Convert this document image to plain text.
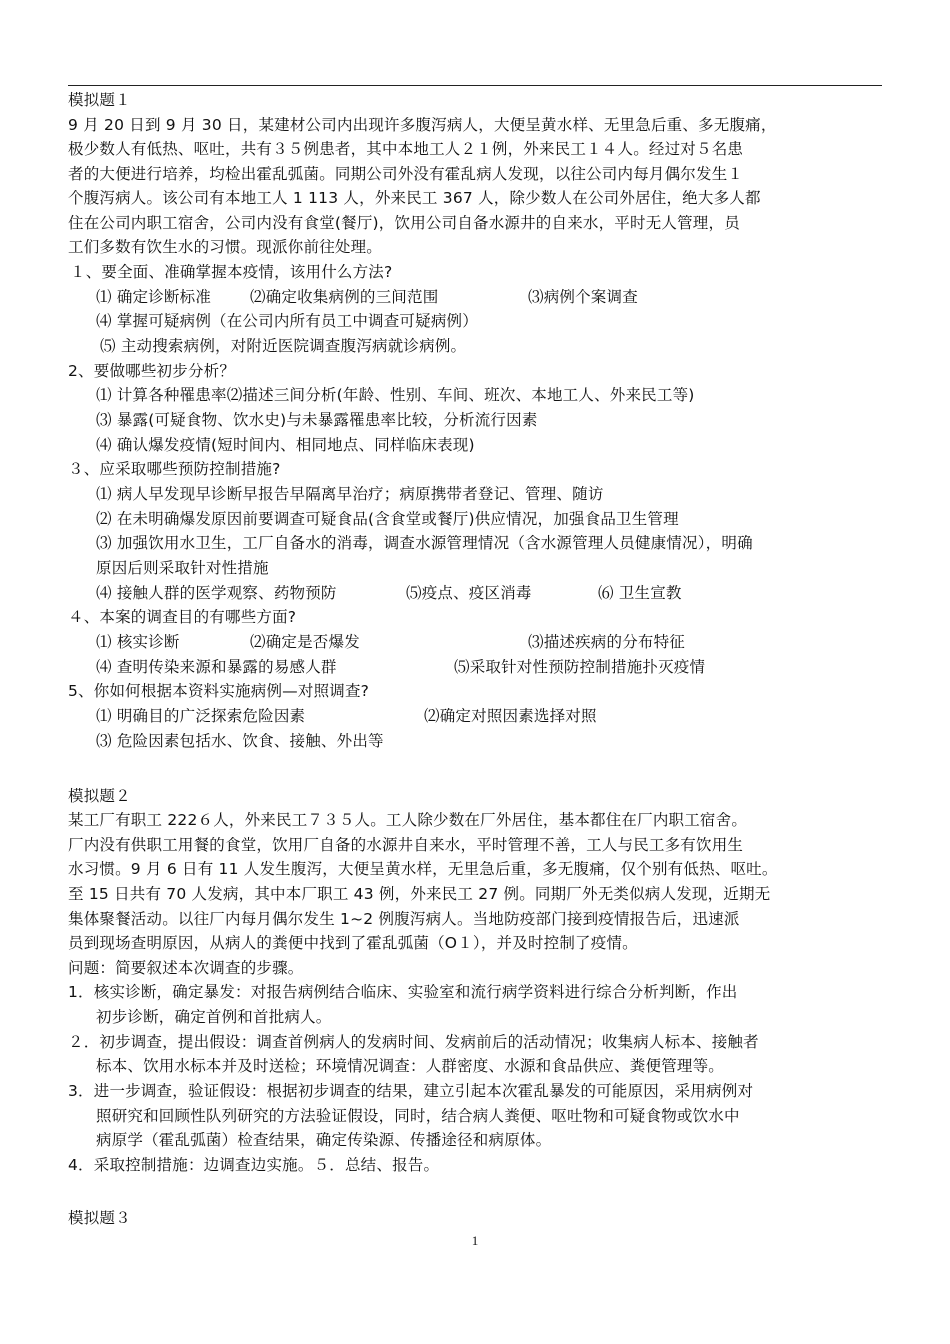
模拟题１
9 月 20 日到 9 月 30 日，某建材公司内出现许多腹泻病人，大便呈黄水样、无里急后重、多无腹痛，
极少数人有低热、呕吐，共有３５例患者，其中本地工人２１例，外来民工１４人。经过对５名患
者的大便进行培养，均检出霍乱弧菌。同期公司外没有霍乱病人发现，以往公司内每月偶尔发生１
个腹泻病人。该公司有本地工人 1 113 人，外来民工 367 人，除少数人在公司外居住，绝大多人都
住在公司内职工宿舍，公司内没有食堂(餐厅)，饮用公司自备水源井的自来水，平时无人管理，员
工们多数有饮生水的习惯。现派你前往处理。
１、要全面、准确掌握本疫情，该用什么方法?
⑴ 确定诊断标准	⑵确定收集病例的三间范围	⑶病例个案调查
⑷ 掌握可疑病例（在公司内所有员工中调查可疑病例）
⑸ 主动搜索病例，对附近医院调查腹泻病就诊病例。
2、要做哪些初步分析？
⑴ 计算各种罹患率⑵描述三间分析(年龄、性别、车间、班次、本地工人、外来民工等)
⑶ 暴露(可疑食物、饮水史)与未暴露罹患率比较，分析流行因素
⑷ 确认爆发疫情(短时间内、相同地点、同样临床表现)
３、应采取哪些预防控制措施?
⑴ 病人早发现早诊断早报告早隔离早治疗；病原携带者登记、管理、随访
⑵ 在未明确爆发原因前要调查可疑食品(含食堂或餐厅)供应情况，加强食品卫生管理
⑶ 加强饮用水卫生，工厂自备水的消毒，调查水源管理情况（含水源管理人员健康情况），明确
原因后则采取针对性措施
⑷ 接触人群的医学观察、药物预防	⑸疫点、疫区消毒	⑹ 卫生宣教
４、本案的调查目的有哪些方面?
⑴ 核实诊断	⑵确定是否爆发	⑶描述疾病的分布特征
⑷ 查明传染来源和暴露的易感人群	⑸采取针对性预防控制措施扑灭疫情
5、你如何根据本资料实施病例—对照调查?
⑴ 明确目的广泛探索危险因素	⑵确定对照因素选择对照
⑶ 危险因素包括水、饮食、接触、外出等
模拟题２
某工厂有职工 222６人，外来民工７３５人。工人除少数在厂外居住，基本都住在厂内职工宿舍。
厂内没有供职工用餐的食堂，饮用厂自备的水源井自来水，平时管理不善，工人与民工多有饮用生
水习惯。9 月 6 日有 11 人发生腹泻，大便呈黄水样，无里急后重，多无腹痛，仅个别有低热、呕吐。
至 15 日共有 70 人发病，其中本厂职工 43 例，外来民工 27 例。同期厂外无类似病人发现，近期无
集体聚餐活动。以往厂内每月偶尔发生 1~2 例腹泻病人。当地防疫部门接到疫情报告后，迅速派
员到现场查明原因，从病人的粪便中找到了霍乱弧菌（O１），并及时控制了疫情。
问题：简要叙述本次调查的步骤。
1．核实诊断，确定暴发：对报告病例结合临床、实验室和流行病学资料进行综合分析判断，作出
初步诊断，确定首例和首批病人。
２．初步调查，提出假设：调查首例病人的发病时间、发病前后的活动情况；收集病人标本、接触者
标本、饮用水标本并及时送检；环境情况调查：人群密度、水源和食品供应、粪便管理等。
3．进一步调查，验证假设：根据初步调查的结果，建立引起本次霍乱暴发的可能原因，采用病例对
照研究和回顾性队列研究的方法验证假设，同时，结合病人粪便、呕吐物和可疑食物或饮水中
病原学（霍乱弧菌）检查结果，确定传染源、传播途径和病原体。
4．采取控制措施：边调查边实施。５．总结、报告。
模拟题３
1
